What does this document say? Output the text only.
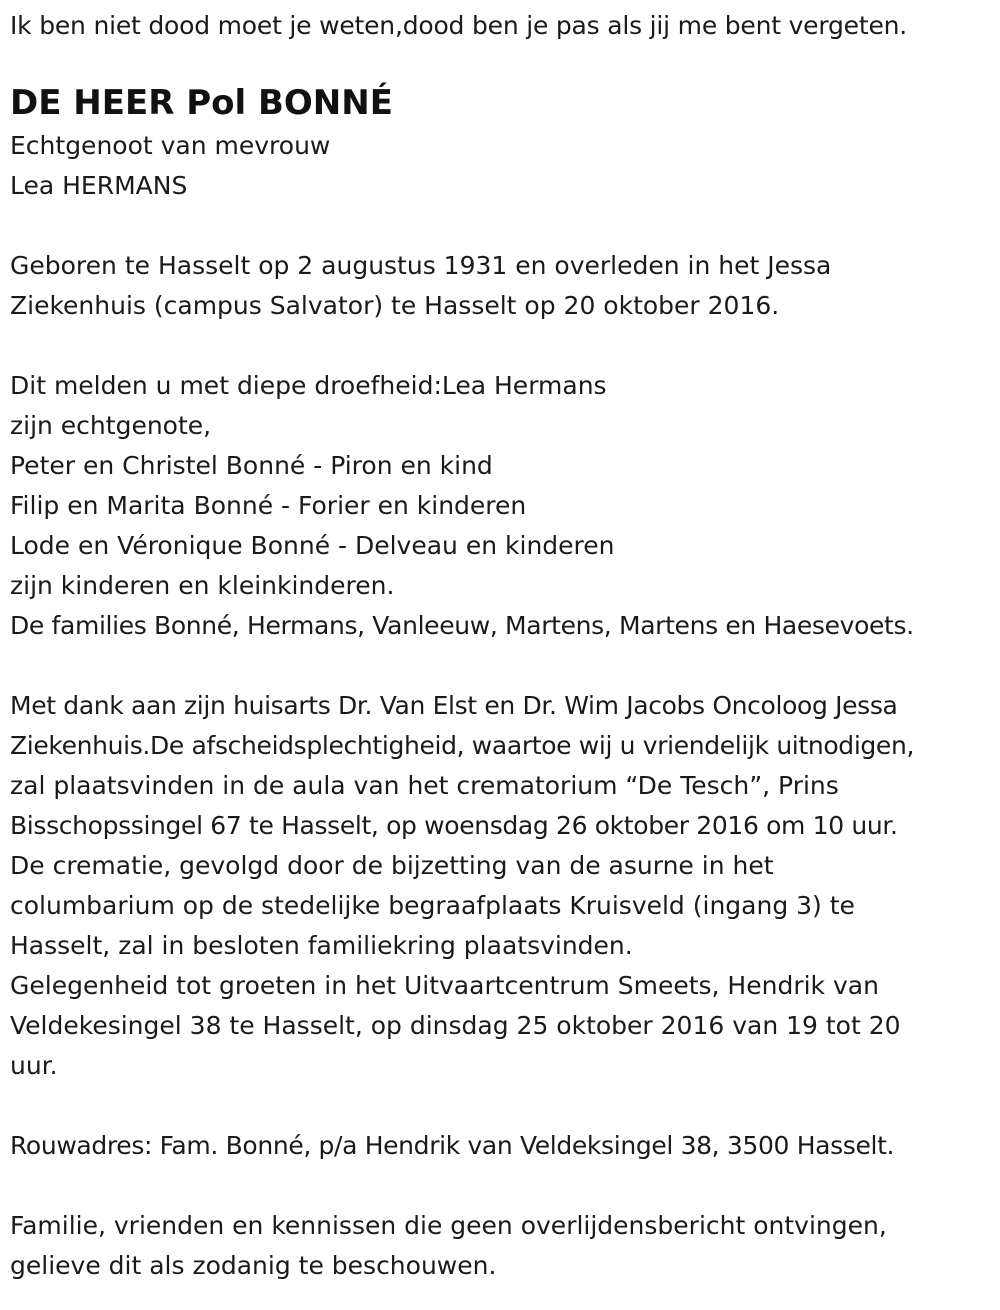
Ik ben niet dood moet je weten,dood ben je pas als jij me bent vergeten.
DE HEER Pol BONNÉ
Echtgenoot van mevrouw
Lea HERMANS
Geboren te Hasselt op 2 augustus 1931 en overleden in het Jessa
Ziekenhuis (campus Salvator) te Hasselt op 20 oktober 2016.
Dit melden u met diepe droefheid:Lea Hermans
zijn echtgenote,
Peter en Christel Bonné - Piron en kind
Filip en Marita Bonné - Forier en kinderen
Lode en Véronique Bonné - Delveau en kinderen
zijn kinderen en kleinkinderen.
De families Bonné, Hermans, Vanleeuw, Martens, Martens en Haesevoets.
Met dank aan zijn huisarts Dr. Van Elst en Dr. Wim Jacobs Oncoloog Jessa
Ziekenhuis.De afscheidsplechtigheid, waartoe wij u vriendelijk uitnodigen,
zal plaatsvinden in de aula van het crematorium “De Tesch”, Prins
Bisschopssingel 67 te Hasselt, op woensdag 26 oktober 2016 om 10 uur.
De crematie, gevolgd door de bijzetting van de asurne in het
columbarium op de stedelijke begraafplaats Kruisveld (ingang 3) te
Hasselt, zal in besloten familiekring plaatsvinden.
Gelegenheid tot groeten in het Uitvaartcentrum Smeets, Hendrik van
Veldekesingel 38 te Hasselt, op dinsdag 25 oktober 2016 van 19 tot 20
uur.
Rouwadres: Fam. Bonné, p/a Hendrik van Veldeksingel 38, 3500 Hasselt.
Familie, vrienden en kennissen die geen overlijdensbericht ontvingen,
gelieve dit als zodanig te beschouwen.
